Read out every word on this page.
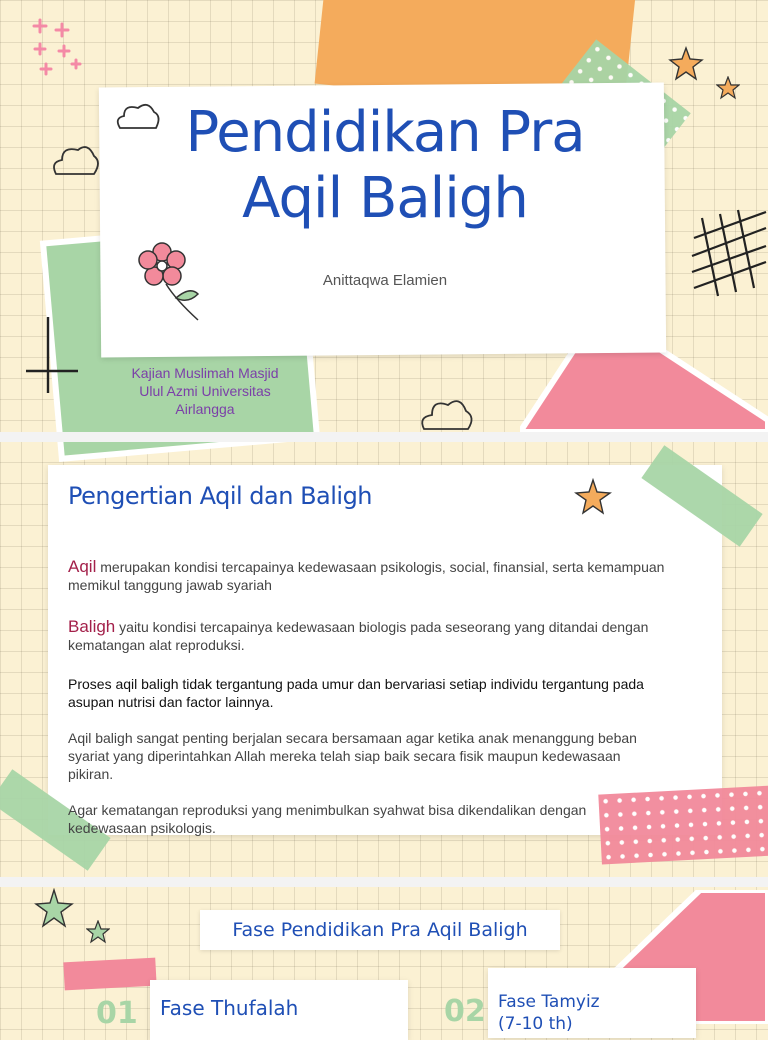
Pendidikan Pra
Aqil Baligh
Anittaqwa Elamien
Kajian Muslimah Masjid
Ulul Azmi Universitas
Airlangga
Pengertian Aqil dan Baligh

Aqil merupakan kondisi tercapainya kedewasaan psikologis, social, finansial, serta kemampuan memikul tanggung jawab syariah

Baligh yaitu kondisi tercapainya kedewasaan biologis pada seseorang yang ditandai dengan kematangan alat reproduksi.

Proses aqil baligh tidak tergantung pada umur dan bervariasi setiap individu tergantung pada asupan nutrisi dan factor lainnya.

Aqil baligh sangat penting berjalan secara bersamaan agar ketika anak menanggung beban syariat yang diperintahkan Allah mereka telah siap baik secara fisik maupun kedewasaan pikiran.

Agar kematangan reproduksi yang menimbulkan syahwat bisa dikendalikan dengan kedewasaan psikologis.

Fase Pendidikan Pra Aqil Baligh
01 Fase Thufalah	02 Fase Tamyiz
(7-10 th)
